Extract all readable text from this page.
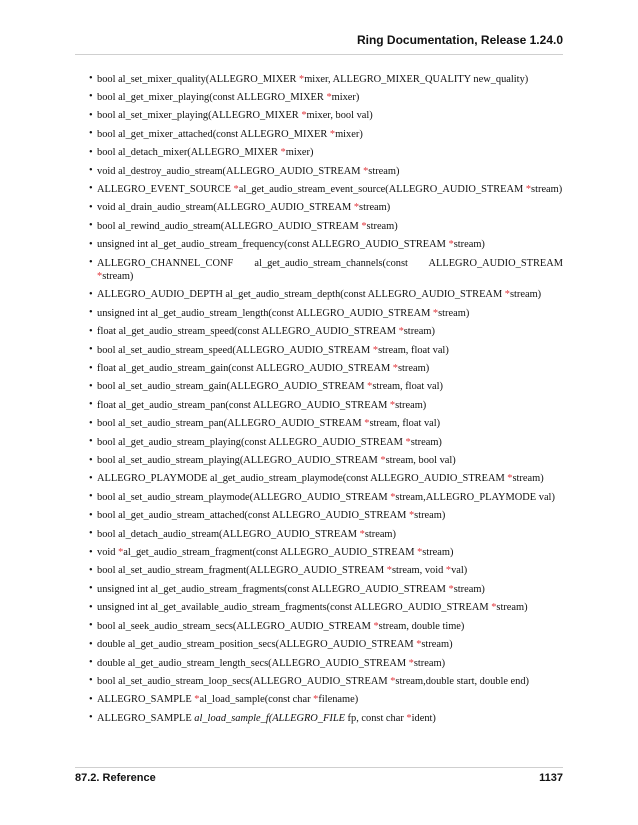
Ring Documentation, Release 1.24.0
• bool al_set_mixer_quality(ALLEGRO_MIXER *mixer, ALLEGRO_MIXER_QUALITY new_quality)
• bool al_get_mixer_playing(const ALLEGRO_MIXER *mixer)
• bool al_set_mixer_playing(ALLEGRO_MIXER *mixer, bool val)
• bool al_get_mixer_attached(const ALLEGRO_MIXER *mixer)
• bool al_detach_mixer(ALLEGRO_MIXER *mixer)
• void al_destroy_audio_stream(ALLEGRO_AUDIO_STREAM *stream)
• ALLEGRO_EVENT_SOURCE *al_get_audio_stream_event_source(ALLEGRO_AUDIO_STREAM *stream)
• void al_drain_audio_stream(ALLEGRO_AUDIO_STREAM *stream)
• bool al_rewind_audio_stream(ALLEGRO_AUDIO_STREAM *stream)
• unsigned int al_get_audio_stream_frequency(const ALLEGRO_AUDIO_STREAM *stream)
• ALLEGRO_CHANNEL_CONF al_get_audio_stream_channels(const ALLEGRO_AUDIO_STREAM
*stream)
• ALLEGRO_AUDIO_DEPTH al_get_audio_stream_depth(const ALLEGRO_AUDIO_STREAM *stream)
• unsigned int al_get_audio_stream_length(const ALLEGRO_AUDIO_STREAM *stream)
• float al_get_audio_stream_speed(const ALLEGRO_AUDIO_STREAM *stream)
• bool al_set_audio_stream_speed(ALLEGRO_AUDIO_STREAM *stream, float val)
• float al_get_audio_stream_gain(const ALLEGRO_AUDIO_STREAM *stream)
• bool al_set_audio_stream_gain(ALLEGRO_AUDIO_STREAM *stream, float val)
• float al_get_audio_stream_pan(const ALLEGRO_AUDIO_STREAM *stream)
• bool al_set_audio_stream_pan(ALLEGRO_AUDIO_STREAM *stream, float val)
• bool al_get_audio_stream_playing(const ALLEGRO_AUDIO_STREAM *stream)
• bool al_set_audio_stream_playing(ALLEGRO_AUDIO_STREAM *stream, bool val)
• ALLEGRO_PLAYMODE al_get_audio_stream_playmode(const ALLEGRO_AUDIO_STREAM *stream)
• bool al_set_audio_stream_playmode(ALLEGRO_AUDIO_STREAM *stream,ALLEGRO_PLAYMODE val)
• bool al_get_audio_stream_attached(const ALLEGRO_AUDIO_STREAM *stream)
• bool al_detach_audio_stream(ALLEGRO_AUDIO_STREAM *stream)
• void *al_get_audio_stream_fragment(const ALLEGRO_AUDIO_STREAM *stream)
• bool al_set_audio_stream_fragment(ALLEGRO_AUDIO_STREAM *stream, void *val)
• unsigned int al_get_audio_stream_fragments(const ALLEGRO_AUDIO_STREAM *stream)
• unsigned int al_get_available_audio_stream_fragments(const ALLEGRO_AUDIO_STREAM *stream)
• bool al_seek_audio_stream_secs(ALLEGRO_AUDIO_STREAM *stream, double time)
• double al_get_audio_stream_position_secs(ALLEGRO_AUDIO_STREAM *stream)
• double al_get_audio_stream_length_secs(ALLEGRO_AUDIO_STREAM *stream)
• bool al_set_audio_stream_loop_secs(ALLEGRO_AUDIO_STREAM *stream,double start, double end)
• ALLEGRO_SAMPLE *al_load_sample(const char *filename)
• ALLEGRO_SAMPLE al_load_sample_f(ALLEGRO_FILE fp, const char *ident)
87.2. Reference	1137
